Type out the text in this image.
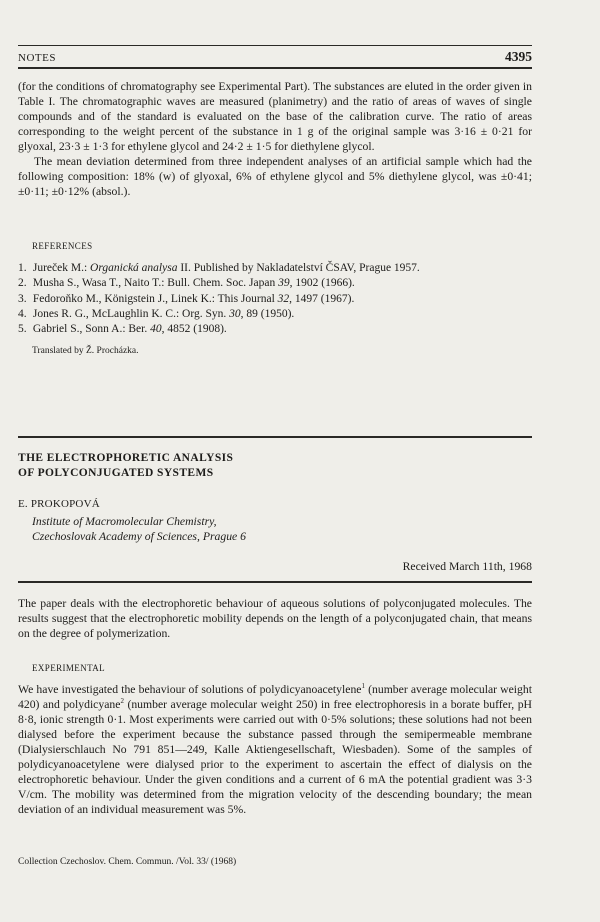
NOTES	4395

(for the conditions of chromatography see Experimental Part). The substances are eluted in the order given in Table I. The chromatographic waves are measured (planimetry) and the ratio of areas of waves of single compounds and of the standard is evaluated on the base of the calibration curve. The ratio of areas corresponding to the weight percent of the substance in 1 g of the original sample was 3·16 ± 0·21 for glyoxal, 23·3 ± 1·3 for ethylene glycol and 24·2 ± 1·5 for diethylene glycol.

The mean deviation determined from three independent analyses of an artificial sample which had the following composition: 18% (w) of glyoxal, 6% of ethylene glycol and 5% diethylene glycol, was ±0·41; ±0·11; ±0·12% (absol.).

REFERENCES
1. Jureček M.: Organická analysa II. Published by Nakladatelství ČSAV, Prague 1957.
2. Musha S., Wasa T., Naito T.: Bull. Chem. Soc. Japan 39, 1902 (1966).
3. Fedoroňko M., Königstein J., Linek K.: This Journal 32, 1497 (1967).
4. Jones R. G., McLaughlin K. C.: Org. Syn. 30, 89 (1950).
5. Gabriel S., Sonn A.: Ber. 40, 4852 (1908).
Translated by Ž. Procházka.
THE ELECTROPHORETIC ANALYSIS
OF POLYCONJUGATED SYSTEMS
E. PROKOPOVÁ
Institute of Macromolecular Chemistry,
Czechoslovak Academy of Sciences, Prague 6
Received March 11th, 1968
The paper deals with the electrophoretic behaviour of aqueous solutions of polyconjugated molecules. The results suggest that the electrophoretic mobility depends on the length of a polyconjugated chain, that means on the degree of polymerization.
EXPERIMENTAL

We have investigated the behaviour of solutions of polydicyanoacetylene$^1$ (number average molecular weight 420) and polydicyane$^2$ (number average molecular weight 250) in free electrophoresis in a borate buffer, pH 8·8, ionic strength 0·1. Most experiments were carried out with 0·5% solutions; these solutions had not been dialysed before the experiment because the substance passed through the semipermeable membrane (Dialysierschlauch No 791 851—249, Kalle Aktiengesellschaft, Wiesbaden). Some of the samples of polydicyanoacetylene were dialysed prior to the experiment to ascertain the effect of dialysis on the electrophoretic behaviour. Under the given conditions and a current of 6 mA the potential gradient was 3·3 V/cm. The mobility was determined from the migration velocity of the descending boundary; the mean deviation of an individual measurement was 5%.

Collection Czechoslov. Chem. Commun. /Vol. 33/ (1968)
